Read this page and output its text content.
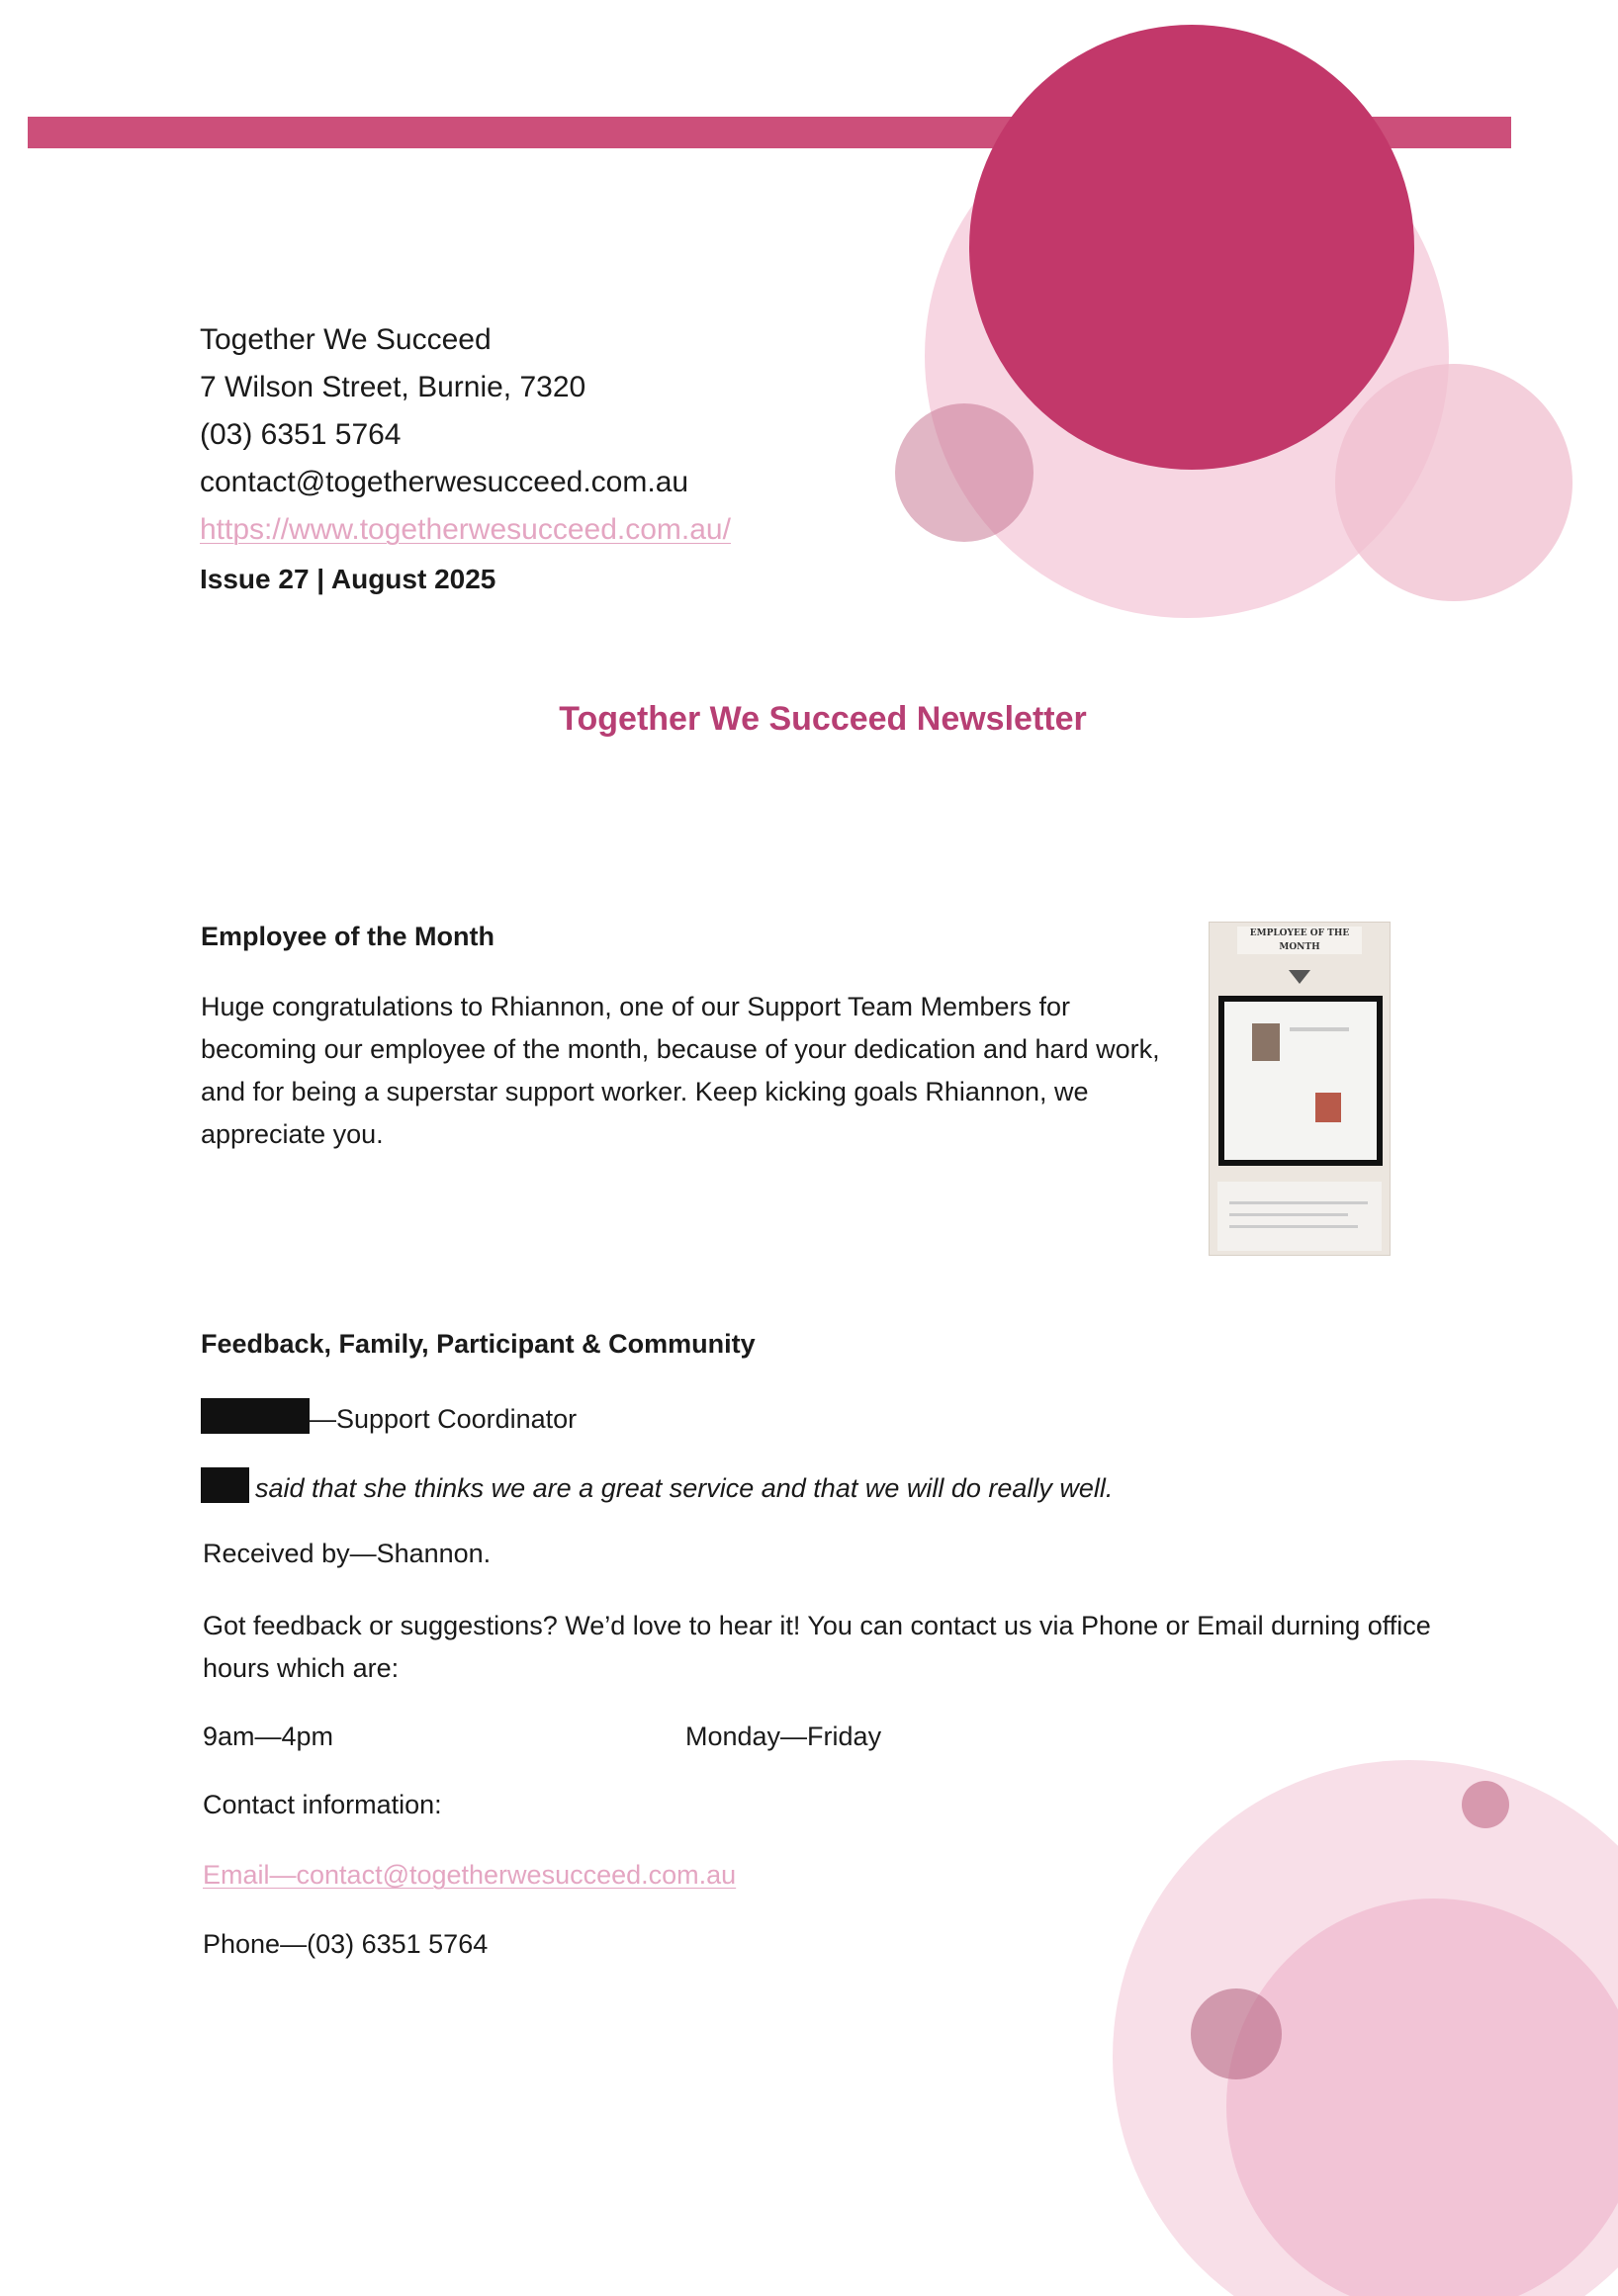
Together We Succeed
7 Wilson Street, Burnie, 7320
(03) 6351 5764
contact@togetherwesucceed.com.au
https://www.togetherwesucceed.com.au/
Issue 27 | August 2025
Together We Succeed Newsletter
Employee of the Month
Huge congratulations to Rhiannon, one of our Support Team Members for becoming our employee of the month, because of your dedication and hard work, and for being a superstar support worker. Keep kicking goals Rhiannon, we appreciate you.
EMPLOYEE OF THE MONTH
Feedback, Family, Participant & Community
—Support Coordinator
said that she thinks we are a great service and that we will do really well.
Received by—Shannon.
Got feedback or suggestions? We’d love to hear it! You can contact us via Phone or Email durning office hours which are:
9am—4pm	Monday—Friday
Contact information:
Email—contact@togetherwesucceed.com.au
Phone—(03) 6351 5764
